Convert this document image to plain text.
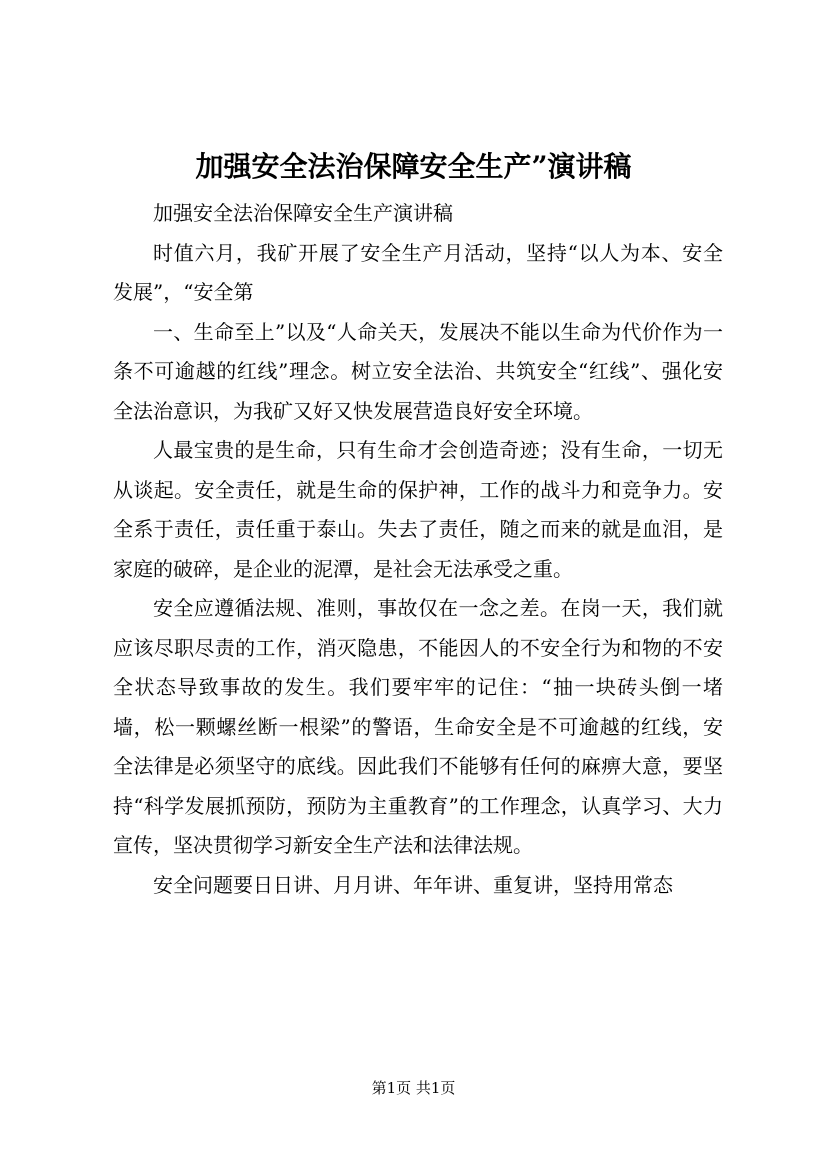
加强安全法治保障安全生产”演讲稿

加强安全法治保障安全生产演讲稿

时值六月，我矿开展了安全生产月活动，坚持“以人为本、安全发展”，“安全第

一、生命至上”以及“人命关天，发展决不能以生命为代价作为一条不可逾越的红线”理念。树立安全法治、共筑安全“红线”、强化安全法治意识，为我矿又好又快发展营造良好安全环境。

人最宝贵的是生命，只有生命才会创造奇迹；没有生命，一切无从谈起。安全责任，就是生命的保护神，工作的战斗力和竞争力。安全系于责任，责任重于泰山。失去了责任，随之而来的就是血泪，是家庭的破碎，是企业的泥潭，是社会无法承受之重。

安全应遵循法规、准则，事故仅在一念之差。在岗一天，我们就应该尽职尽责的工作，消灭隐患，不能因人的不安全行为和物的不安全状态导致事故的发生。我们要牢牢的记住：“抽一块砖头倒一堵墙，松一颗螺丝断一根梁”的警语，生命安全是不可逾越的红线，安全法律是必须坚守的底线。因此我们不能够有任何的麻痹大意，要坚持“科学发展抓预防，预防为主重教育”的工作理念，认真学习、大力宣传，坚决贯彻学习新安全生产法和法律法规。

安全问题要日日讲、月月讲、年年讲、重复讲，坚持用常态

第1页 共1页
